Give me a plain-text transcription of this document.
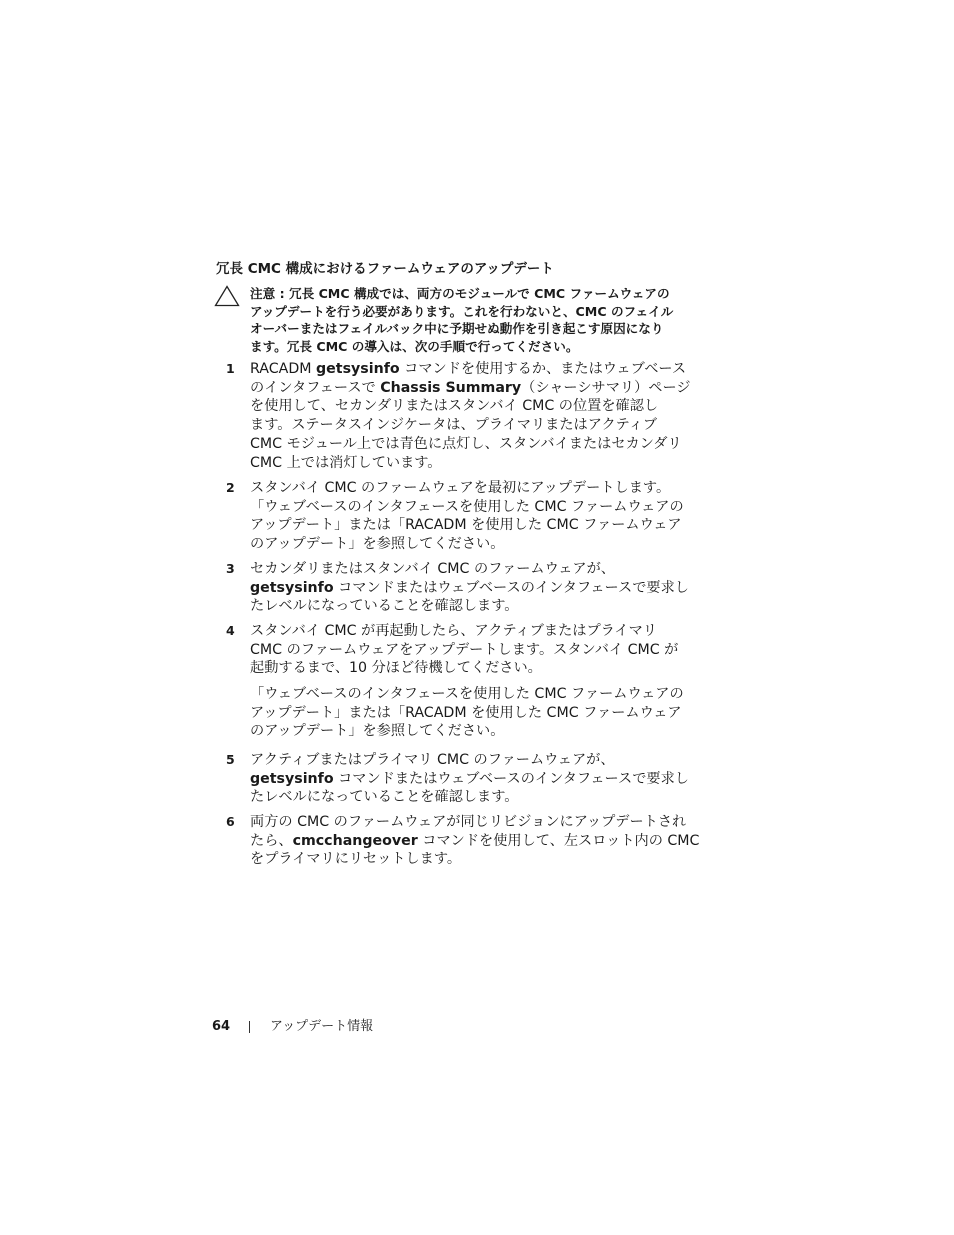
冗長 CMC 構成におけるファームウェアのアップデート
注意 : 冗長 CMC 構成では、両方のモジュールで CMC ファームウェアの
アップデートを行う必要があります。これを行わないと、CMC のフェイル
オーバーまたはフェイルバック中に予期せぬ動作を引き起こす原因になり
ます。冗長 CMC の導入は、次の手順で行ってください。
1	RACADM getsysinfo コマンドを使用するか、またはウェブベース
のインタフェースで Chassis Summary（シャーシサマリ）ページ
を使用して、セカンダリまたはスタンバイ CMC の位置を確認し
ます。ステータスインジケータは、プライマリまたはアクティブ
CMC モジュール上では青色に点灯し、スタンバイまたはセカンダリ
CMC 上では消灯しています。
2	スタンバイ CMC のファームウェアを最初にアップデートします。
「ウェブベースのインタフェースを使用した CMC ファームウェアの
アップデート」または「RACADM を使用した CMC ファームウェア
のアップデート」を参照してください。
3	セカンダリまたはスタンバイ CMC のファームウェアが、
getsysinfo コマンドまたはウェブベースのインタフェースで要求し
たレベルになっていることを確認します。
4	スタンバイ CMC が再起動したら、アクティブまたはプライマリ
CMC のファームウェアをアップデートします。スタンバイ CMC が
起動するまで、10 分ほど待機してください。
「ウェブベースのインタフェースを使用した CMC ファームウェアの
アップデート」または「RACADM を使用した CMC ファームウェア
のアップデート」を参照してください。
5	アクティブまたはプライマリ CMC のファームウェアが、
getsysinfo コマンドまたはウェブベースのインタフェースで要求し
たレベルになっていることを確認します。
6	両方の CMC のファームウェアが同じリビジョンにアップデートされ
たら、cmcchangeover コマンドを使用して、左スロット内の CMC
をプライマリにリセットします。
64	アップデート情報
